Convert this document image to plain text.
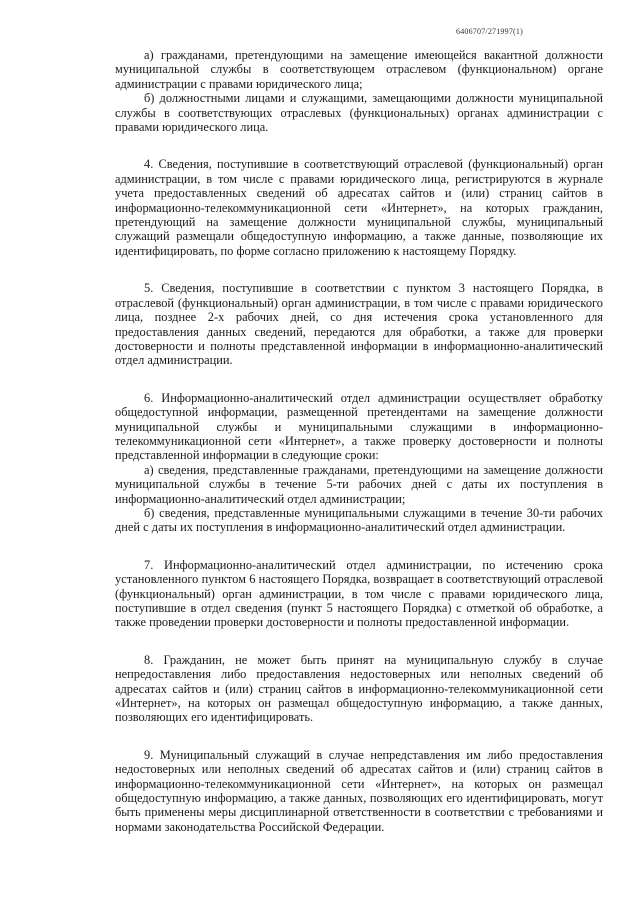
6406707/271997(1)

а) гражданами, претендующими на замещение имеющейся вакантной должности муниципальной службы в соответствующем отраслевом (функциональном) органе администрации с правами юридического лица;

б) должностными лицами и служащими, замещающими должности муниципальной службы в соответствующих отраслевых (функциональных) органах администрации с правами юридического лица.

4. Сведения, поступившие в соответствующий отраслевой (функциональный) орган администрации, в том числе с правами юридического лица, регистрируются в журнале учета предоставленных сведений об адресатах сайтов и (или) страниц сайтов в информационно-телекоммуникационной сети «Интернет», на которых гражданин, претендующий на замещение должности муниципальной службы, муниципальный служащий размещали общедоступную информацию, а также данные, позволяющие их идентифицировать, по форме согласно приложению к настоящему Порядку.

5. Сведения, поступившие в соответствии с пунктом 3 настоящего Порядка, в отраслевой (функциональный) орган администрации, в том числе с правами юридического лица, позднее 2-х рабочих дней, со дня истечения срока установленного для предоставления данных сведений, передаются для обработки, а также для проверки достоверности и полноты представленной информации в информационно-аналитический отдел администрации.

6. Информационно-аналитический отдел администрации осуществляет обработку общедоступной информации, размещенной претендентами на замещение должности муниципальной службы и муниципальными служащими в информационно-телекоммуникационной сети «Интернет», а также проверку достоверности и полноты представленной информации в следующие сроки:

а) сведения, представленные гражданами, претендующими на замещение должности муниципальной службы в течение 5-ти рабочих дней с даты их поступления в информационно-аналитический отдел администрации;

б) сведения, представленные муниципальными служащими в течение 30-ти рабочих дней с даты их поступления в информационно-аналитический отдел администрации.

7. Информационно-аналитический отдел администрации, по истечению срока установленного пунктом 6 настоящего Порядка, возвращает в соответствующий отраслевой (функциональный) орган администрации, в том числе с правами юридического лица, поступившие в отдел сведения (пункт 5 настоящего Порядка) с отметкой об обработке, а также проведении проверки достоверности и полноты предоставленной информации.

8. Гражданин, не может быть принят на муниципальную службу в случае непредоставления либо предоставления недостоверных или неполных сведений об адресатах сайтов и (или) страниц сайтов в информационно-телекоммуникационной сети «Интернет», на которых он размещал общедоступную информацию, а также данных, позволяющих его идентифицировать.

9. Муниципальный служащий в случае непредставления им либо предоставления недостоверных или неполных сведений об адресатах сайтов и (или) страниц сайтов в информационно-телекоммуникационной сети «Интернет», на которых он размещал общедоступную информацию, а также данных, позволяющих его идентифицировать, могут быть применены меры дисциплинарной ответственности в соответствии с требованиями и нормами законодательства Российской Федерации.
